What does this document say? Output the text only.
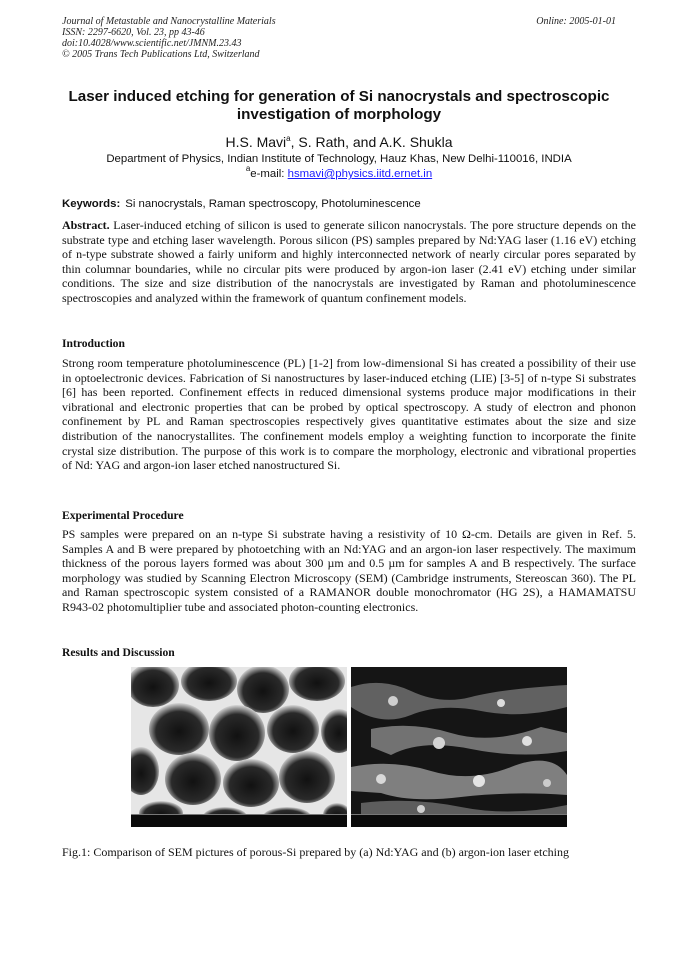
Journal of Metastable and Nanocrystalline Materials
ISSN: 2297-6620, Vol. 23, pp 43-46
doi:10.4028/www.scientific.net/JMNM.23.43
© 2005 Trans Tech Publications Ltd, Switzerland
Online: 2005-01-01
Laser induced etching for generation of Si nanocrystals and spectroscopic investigation of morphology
H.S. Mavi$^a$, S. Rath, and A.K. Shukla
Department of Physics, Indian Institute of Technology, Hauz Khas, New Delhi-110016, INDIA
$^a$e-mail: hsmavi@physics.iitd.ernet.in
Keywords: Si nanocrystals, Raman spectroscopy, Photoluminescence
Abstract. Laser-induced etching of silicon is used to generate silicon nanocrystals. The pore structure depends on the substrate type and etching laser wavelength. Porous silicon (PS) samples prepared by Nd:YAG laser (1.16 eV) etching of n-type substrate showed a fairly uniform and highly interconnected network of nearly circular pores separated by thin columnar boundaries, while no circular pits were produced by argon-ion laser (2.41 eV) etching under similar conditions. The size and size distribution of the nanocrystals are investigated by Raman and photoluminescence spectroscopies and analyzed within the framework of quantum confinement models.
Introduction
Strong room temperature photoluminescence (PL) [1-2] from low-dimensional Si has created a possibility of their use in optoelectronic devices. Fabrication of Si nanostructures by laser-induced etching (LIE) [3-5] of n-type Si substrates [6] has been reported. Confinement effects in reduced dimensional systems produce major modifications in their vibrational and electronic properties that can be probed by optical spectroscopy. A study of electron and phonon confinement by PL and Raman spectroscopies respectively gives quantitative estimates about the size and size distribution of the nanocrystallites. The confinement models employ a weighting function to incorporate the finite crystal size distribution. The purpose of this work is to compare the morphology, electronic and vibrational properties of Nd: YAG and argon-ion laser etched nanostructured Si.
Experimental Procedure
PS samples were prepared on an n-type Si substrate having a resistivity of 10 Ω-cm. Details are given in Ref. 5. Samples A and B were prepared by photoetching with an Nd:YAG and an argon-ion laser respectively. The maximum thickness of the porous layers formed was about 300 µm and 0.5 µm for samples A and B respectively. The surface morphology was studied by Scanning Electron Microscopy (SEM) (Cambridge instruments, Stereoscan 360). The PL and Raman spectroscopic system consisted of a RAMANOR double monochromator (HG 2S), a HAMAMATSU R943-02 photomultiplier tube and associated photon-counting electronics.
Results and Discussion
Fig.1: Comparison of SEM pictures of porous-Si prepared by (a) Nd:YAG and (b) argon-ion laser etching
